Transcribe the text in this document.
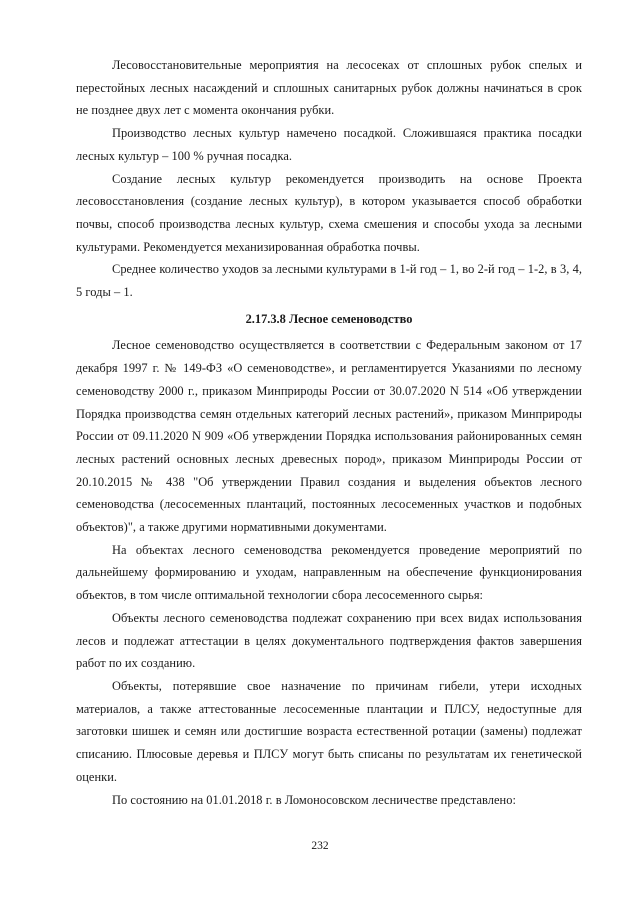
Лесовосстановительные мероприятия на лесосеках от сплошных рубок спелых и перестойных лесных насаждений и сплошных санитарных рубок должны начинаться в срок не позднее двух лет с момента окончания рубки.

Производство лесных культур намечено посадкой. Сложившаяся практика посадки лесных культур – 100 % ручная посадка.

Создание лесных культур рекомендуется производить на основе Проекта лесовосстановления (создание лесных культур), в котором указывается способ обработки почвы, способ производства лесных культур, схема смешения и способы ухода за лесными культурами. Рекомендуется механизированная обработка почвы.

Среднее количество уходов за лесными культурами в 1-й год – 1, во 2-й год – 1-2, в 3, 4, 5 годы – 1.

2.17.3.8 Лесное семеноводство

Лесное семеноводство осуществляется в соответствии с Федеральным законом от 17 декабря 1997 г. № 149-ФЗ «О семеноводстве», и регламентируется Указаниями по лесному семеноводству 2000 г., приказом Минприроды России от 30.07.2020 N 514 «Об утверждении Порядка производства семян отдельных категорий лесных растений», приказом Минприроды России от 09.11.2020 N 909 «Об утверждении Порядка использования районированных семян лесных растений основных лесных древесных пород», приказом Минприроды России от 20.10.2015 № 438 "Об утверждении Правил создания и выделения объектов лесного семеноводства (лесосеменных плантаций, постоянных лесосеменных участков и подобных объектов)", а также другими нормативными документами.

На объектах лесного семеноводства рекомендуется проведение мероприятий по дальнейшему формированию и уходам, направленным на обеспечение функционирования объектов, в том числе оптимальной технологии сбора лесосеменного сырья:

Объекты лесного семеноводства подлежат сохранению при всех видах использования лесов и подлежат аттестации в целях документального подтверждения фактов завершения работ по их созданию.

Объекты, потерявшие свое назначение по причинам гибели, утери исходных материалов, а также аттестованные лесосеменные плантации и ПЛСУ, недоступные для заготовки шишек и семян или достигшие возраста естественной ротации (замены) подлежат списанию. Плюсовые деревья и ПЛСУ могут быть списаны по результатам их генетической оценки.

По состоянию на 01.01.2018 г. в Ломоносовском лесничестве представлено:

232
